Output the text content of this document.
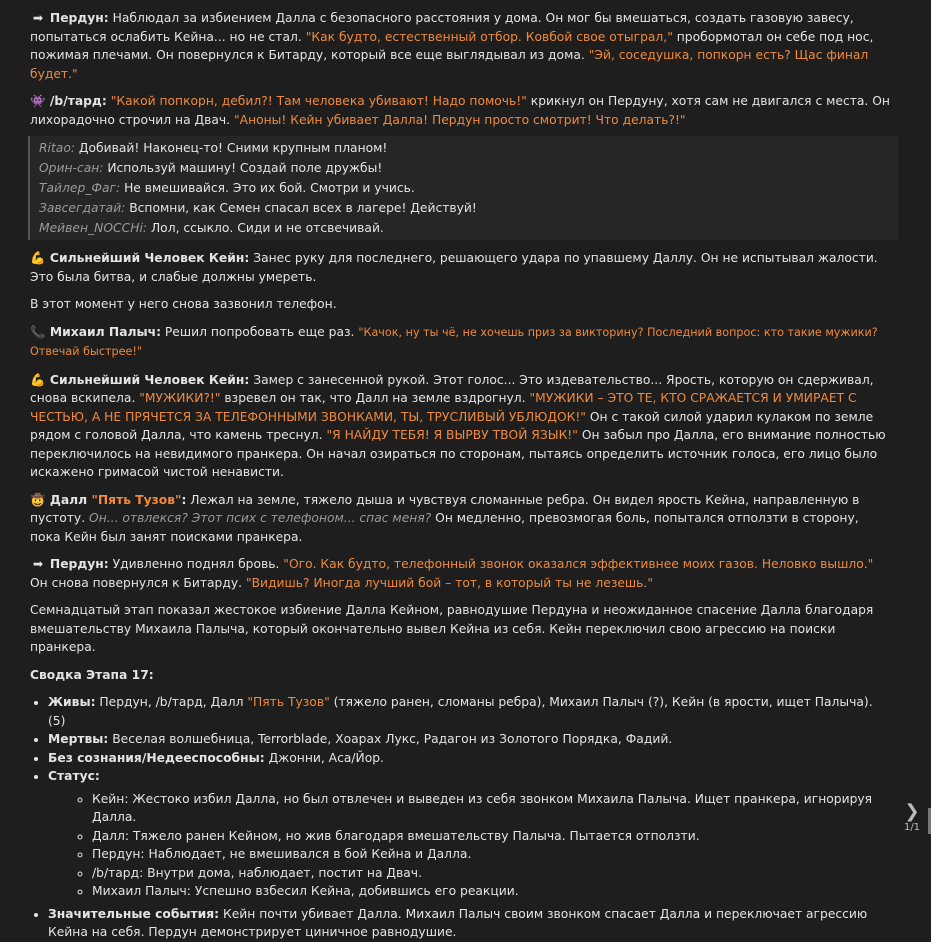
➡ Пердун: Наблюдал за избиением Далла с безопасного расстояния у дома. Он мог бы вмешаться, создать газовую завесу, попытаться ослабить Кейна... но не стал. "Как будто, естественный отбор. Ковбой свое отыграл," пробормотал он себе под нос, пожимая плечами. Он повернулся к Битарду, который все еще выглядывал из дома. "Эй, соседушка, попкорн есть? Щас финал будет."

👾 /b/тард: "Какой попкорн, дебил?! Там человека убивают! Надо помочь!" крикнул он Пердуну, хотя сам не двигался с места. Он лихорадочно строчил на Двач. "Аноны! Кейн убивает Далла! Пердун просто смотрит! Что делать?!"

Ritao: Добивай! Наконец-то! Сними крупным планом!
Орин-сан: Используй машину! Создай поле дружбы!
Тайлер_Фаг: Не вмешивайся. Это их бой. Смотри и учись.
Завсегдатай: Вспомни, как Семен спасал всех в лагере! Действуй!
Мейвен_NOCCHi: Лол, ссыкло. Сиди и не отсвечивай.

💪 Сильнейший Человек Кейн: Занес руку для последнего, решающего удара по упавшему Даллу. Он не испытывал жалости. Это была битва, и слабые должны умереть.

В этот момент у него снова зазвонил телефон.

📞 Михаил Палыч: Решил попробовать еще раз. "Качок, ну ты чё, не хочешь приз за викторину? Последний вопрос: кто такие мужики? Отвечай быстрее!"

💪 Сильнейший Человек Кейн: Замер с занесенной рукой. Этот голос... Это издевательство... Ярость, которую он сдерживал, снова вскипела. "МУЖИКИ?!" взревел он так, что Далл на земле вздрогнул. "МУЖИКИ – ЭТО ТЕ, КТО СРАЖАЕТСЯ И УМИРАЕТ С ЧЕСТЬЮ, А НЕ ПРЯЧЕТСЯ ЗА ТЕЛЕФОННЫМИ ЗВОНКАМИ, ТЫ, ТРУСЛИВЫЙ УБЛЮДОК!" Он с такой силой ударил кулаком по земле рядом с головой Далла, что камень треснул. "Я НАЙДУ ТЕБЯ! Я ВЫРВУ ТВОЙ ЯЗЫК!" Он забыл про Далла, его внимание полностью переключилось на невидимого пранкера. Он начал озираться по сторонам, пытаясь определить источник голоса, его лицо было искажено гримасой чистой ненависти.

🤠 Далл "Пять Тузов": Лежал на земле, тяжело дыша и чувствуя сломанные ребра. Он видел ярость Кейна, направленную в пустоту. Он... отвлекся? Этот псих с телефоном... спас меня? Он медленно, превозмогая боль, попытался отползти в сторону, пока Кейн был занят поисками пранкера.

➡ Пердун: Удивленно поднял бровь. "Ого. Как будто, телефонный звонок оказался эффективнее моих газов. Неловко вышло." Он снова повернулся к Битарду. "Видишь? Иногда лучший бой – тот, в который ты не лезешь."

Семнадцатый этап показал жестокое избиение Далла Кейном, равнодушие Пердуна и неожиданное спасение Далла благодаря вмешательству Михаила Палыча, который окончательно вывел Кейна из себя. Кейн переключил свою агрессию на поиски пранкера.

Сводка Этапа 17:

• Живы: Пердун, /b/тард, Далл "Пять Тузов" (тяжело ранен, сломаны ребра), Михаил Палыч (?), Кейн (в ярости, ищет Палыча). (5)
• Мертвы: Веселая волшебница, Terrorblade, Хоарах Лукс, Радагон из Золотого Порядка, Фадий.
• Без сознания/Недееспособны: Джонни, Аса/Йор.
• Статус:
◦ Кейн: Жестоко избил Далла, но был отвлечен и выведен из себя звонком Михаила Палыча. Ищет пранкера, игнорируя Далла.
◦ Далл: Тяжело ранен Кейном, но жив благодаря вмешательству Палыча. Пытается отползти.
◦ Пердун: Наблюдает, не вмешивался в бой Кейна и Далла.
◦ /b/тард: Внутри дома, наблюдает, постит на Двач.
◦ Михаил Палыч: Успешно взбесил Кейна, добившись его реакции.
• Значительные события: Кейн почти убивает Далла. Михаил Палыч своим звонком спасает Далла и переключает агрессию Кейна на себя. Пердун демонстрирует циничное равнодушие.
❯
1/1
